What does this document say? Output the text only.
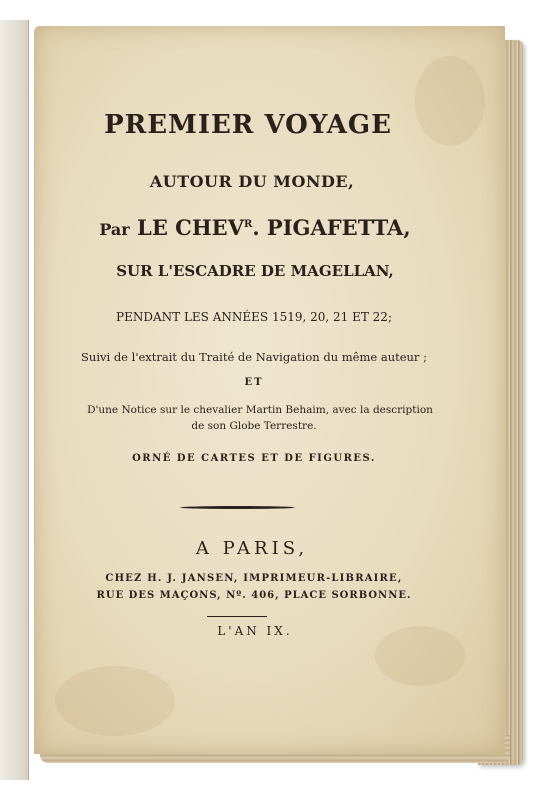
PREMIER VOYAGE
AUTOUR DU MONDE,
Par LE $CHEV^R$. PIGAFETTA,
SUR L'ESCADRE DE MAGELLAN,
PENDANT LES ANNÉES 1519, 20, 21 ET 22;
Suivi de l'extrait du Traité de Navigation du même auteur ;
ET
D'une Notice sur le chevalier Martin Behaim, avec la description
de son Globe Terrestre.
ORNÉ DE CARTES ET DE FIGURES.
A PARIS,
CHEZ H. J. JANSEN, IMPRIMEUR-LIBRAIRE,
RUE DES MAÇONS, Nº. 406, PLACE SORBONNE.
L'AN IX.
